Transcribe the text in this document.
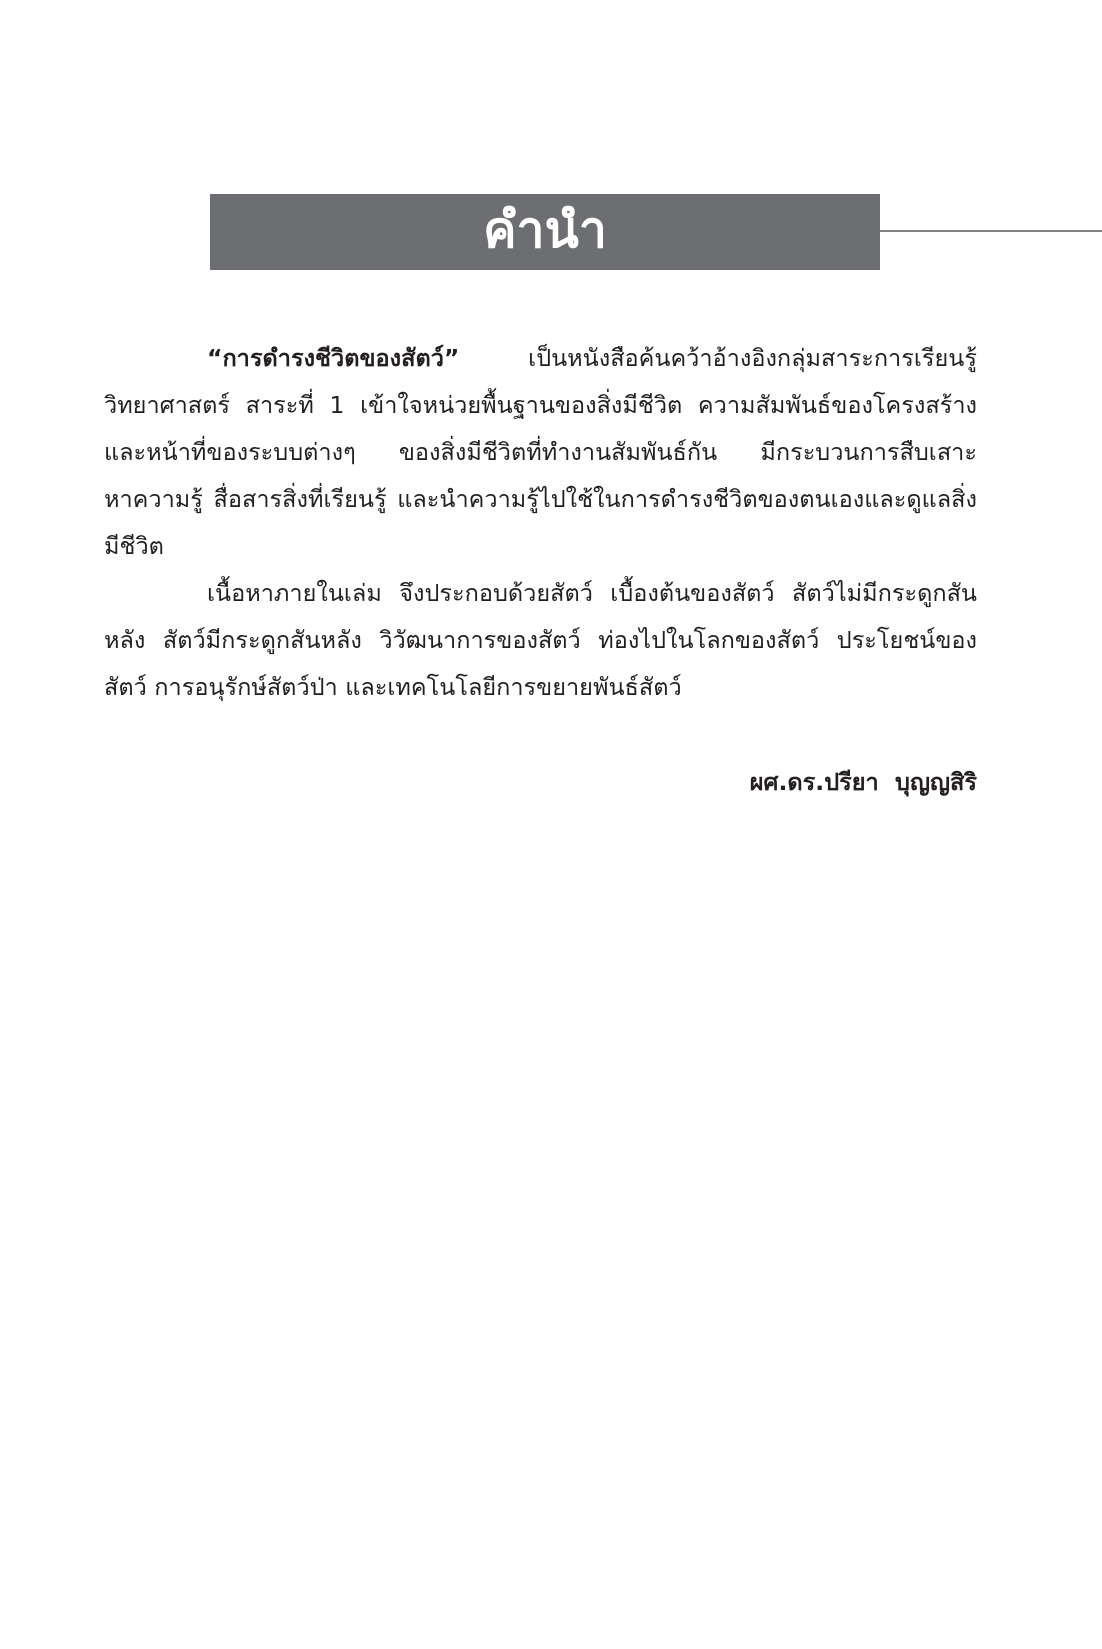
คำนำ

“การดำรงชีวิตของสัตว์” เป็นหนังสือค้นคว้าอ้างอิงกลุ่มสาระการเรียนรู้วิทยาศาสตร์ สาระที่ 1 เข้าใจหน่วยพื้นฐานของสิ่งมีชีวิต ความสัมพันธ์ของโครงสร้างและหน้าที่ของระบบต่างๆ ของสิ่งมีชีวิตที่ทำงานสัมพันธ์กัน มีกระบวนการสืบเสาะหาความรู้ สื่อสารสิ่งที่เรียนรู้ และนำความรู้ไปใช้ในการดำรงชีวิตของตนเองและดูแลสิ่งมีชีวิต

เนื้อหาภายในเล่ม จึงประกอบด้วยสัตว์ เบื้องต้นของสัตว์ สัตว์ไม่มีกระดูกสันหลัง สัตว์มีกระดูกสันหลัง วิวัฒนาการของสัตว์ ท่องไปในโลกของสัตว์ ประโยชน์ของสัตว์ การอนุรักษ์สัตว์ป่า และเทคโนโลยีการขยายพันธ์สัตว์

ผศ.ดร.ปรียา  บุญญสิริ
